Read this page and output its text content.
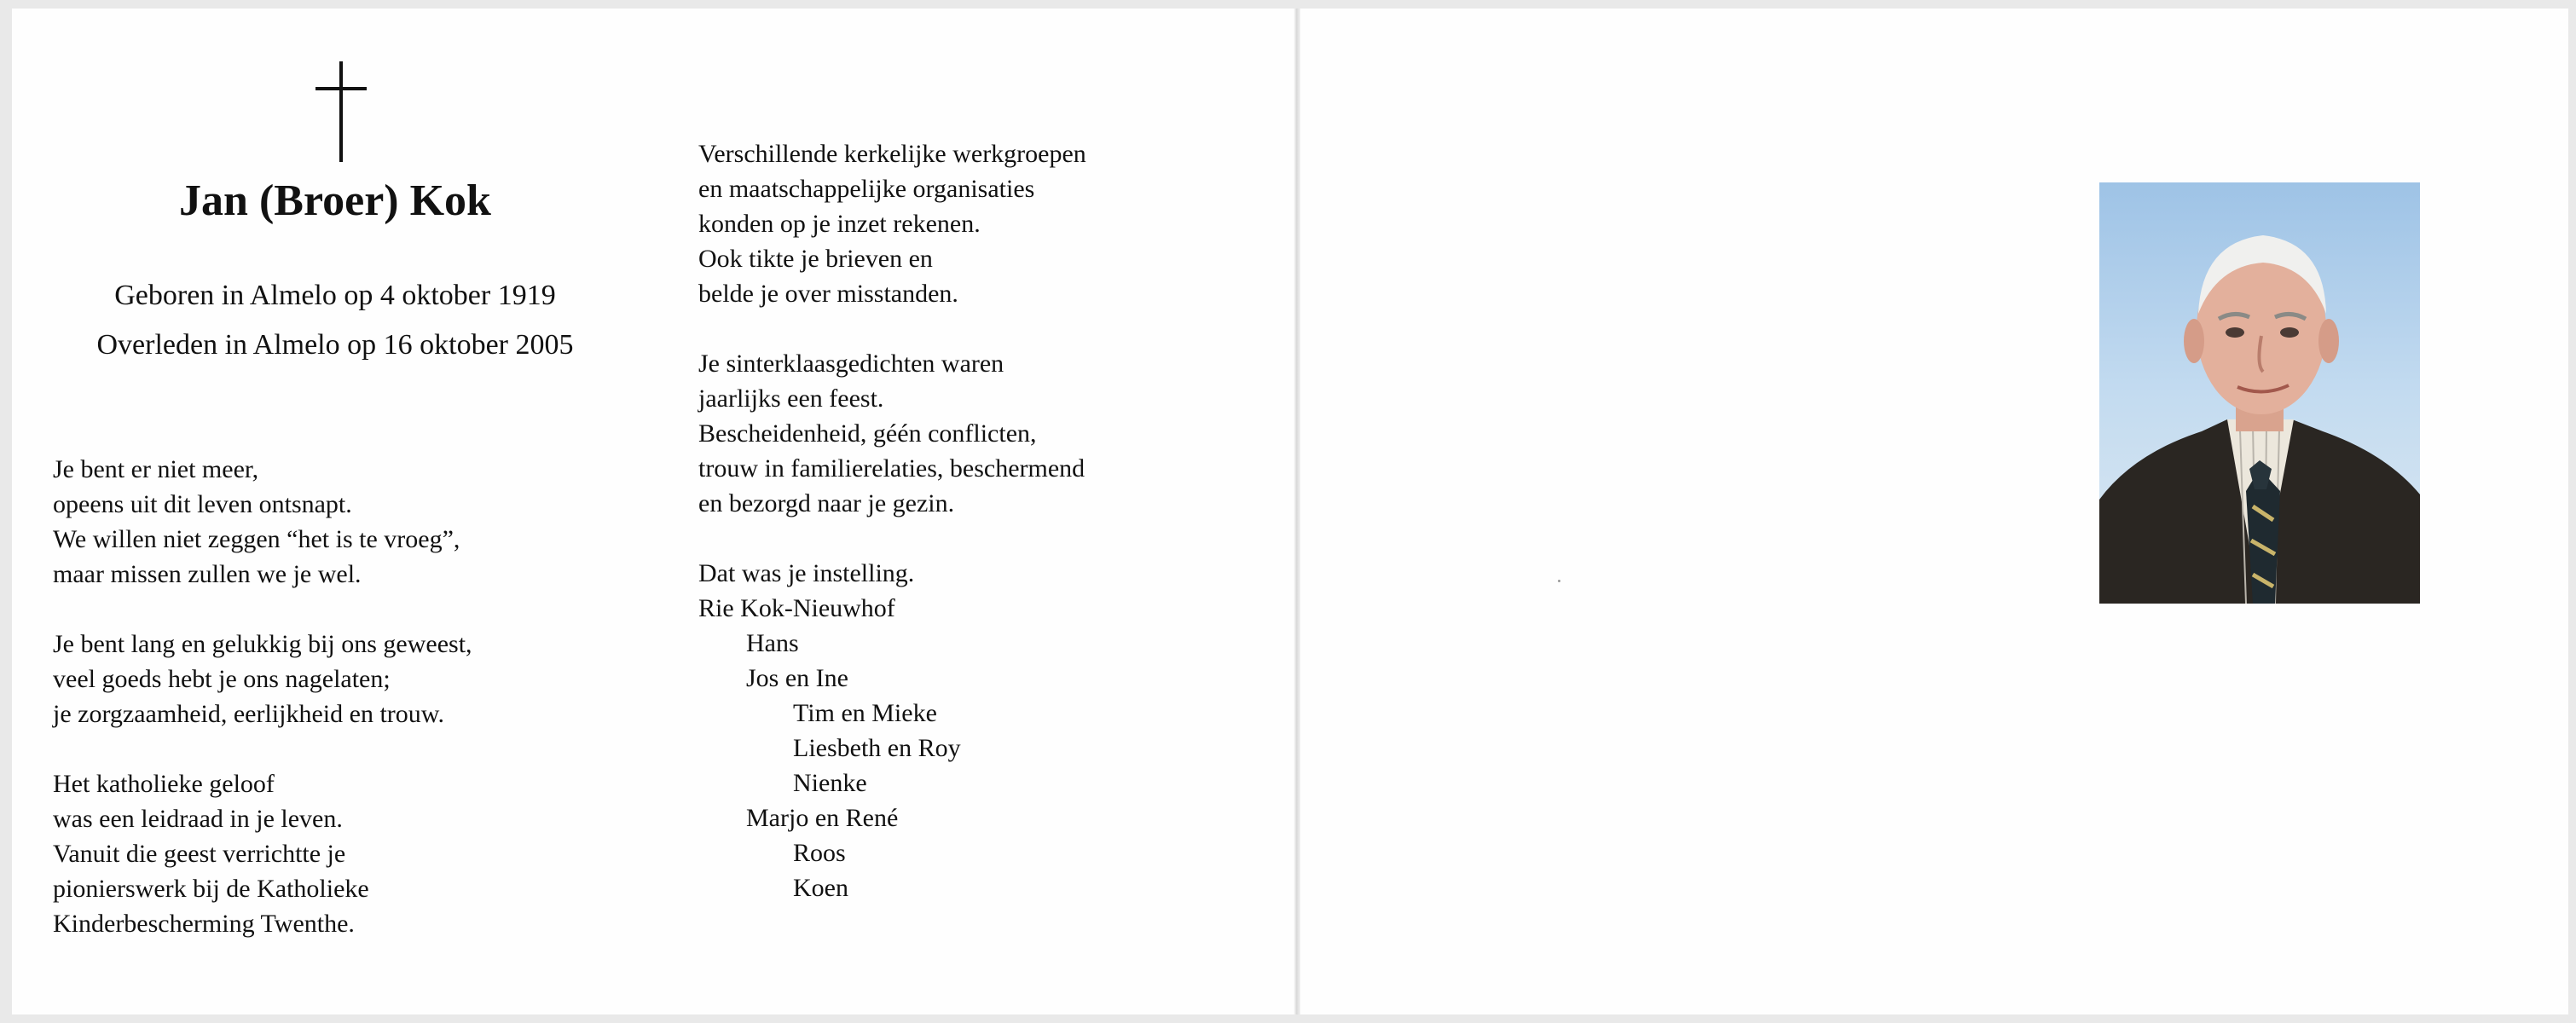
Jan (Broer) Kok
Geboren in Almelo op 4 oktober 1919
Overleden in Almelo op 16 oktober 2005
Je bent er niet meer,
opeens uit dit leven ontsnapt.
We willen niet zeggen “het is te vroeg”,
maar missen zullen we je wel.
Je bent lang en gelukkig bij ons geweest,
veel goeds hebt je ons nagelaten;
je zorgzaamheid, eerlijkheid en trouw.
Het katholieke geloof
was een leidraad in je leven.
Vanuit die geest verrichtte je
pionierswerk bij de Katholieke
Kinderbescherming Twenthe.
Verschillende kerkelijke werkgroepen
en maatschappelijke organisaties
konden op je inzet rekenen.
Ook tikte je brieven en
belde je over misstanden.
Je sinterklaasgedichten waren
jaarlijks een feest.
Bescheidenheid, géén conflicten,
trouw in familierelaties, beschermend
en bezorgd naar je gezin.
Dat was je instelling.
Rie Kok-Nieuwhof
Hans
Jos en Ine
Tim en Mieke
Liesbeth en Roy
Nienke
Marjo en René
Roos
Koen
